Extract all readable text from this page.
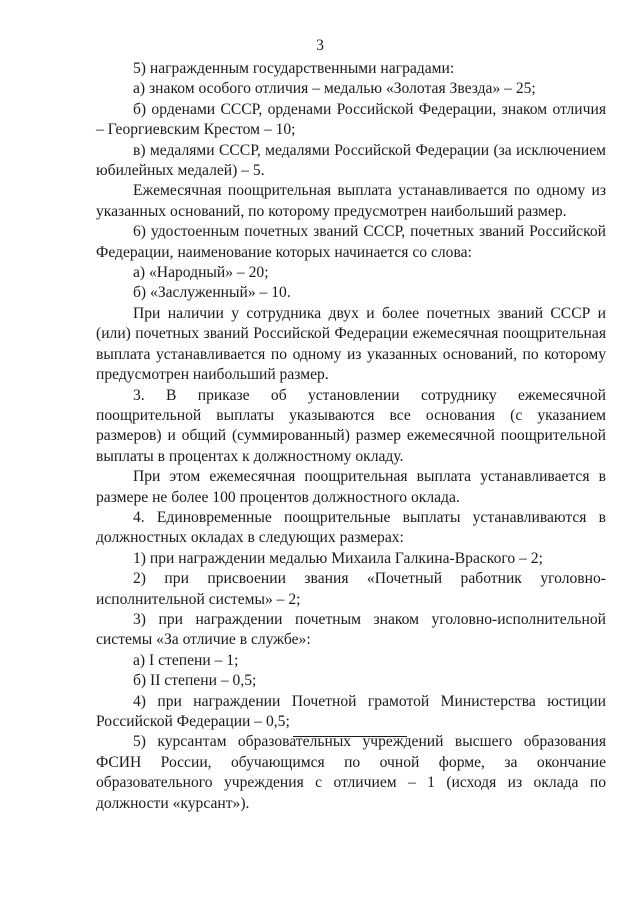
3

5) награжденным государственными наградами:

а) знаком особого отличия – медалью «Золотая Звезда» – 25;

б) орденами СССР, орденами Российской Федерации, знаком отличия – Георгиевским Крестом – 10;

в) медалями СССР, медалями Российской Федерации (за исключением юбилейных медалей) – 5.

Ежемесячная поощрительная выплата устанавливается по одному из указанных оснований, по которому предусмотрен наибольший размер.

6) удостоенным почетных званий СССР, почетных званий Российской Федерации, наименование которых начинается со слова:

а) «Народный» – 20;

б) «Заслуженный» – 10.

При наличии у сотрудника двух и более почетных званий СССР и (или) почетных званий Российской Федерации ежемесячная поощрительная выплата устанавливается по одному из указанных оснований, по которому предусмотрен наибольший размер.

3. В приказе об установлении сотруднику ежемесячной поощрительной выплаты указываются все основания (с указанием размеров) и общий (суммированный) размер ежемесячной поощрительной выплаты в процентах к должностному окладу.

При этом ежемесячная поощрительная выплата устанавливается в размере не более 100 процентов должностного оклада.

4. Единовременные поощрительные выплаты устанавливаются в должностных окладах в следующих размерах:

1) при награждении медалью Михаила Галкина-Враского – 2;

2) при присвоении звания «Почетный работник уголовно-исполнительной системы» – 2;

3) при награждении почетным знаком уголовно-исполнительной системы «За отличие в службе»:

а) I степени – 1;

б) II степени – 0,5;

4) при награждении Почетной грамотой Министерства юстиции Российской Федерации – 0,5;

5) курсантам образовательных учреждений высшего образования ФСИН России, обучающимся по очной форме, за окончание образовательного учреждения с отличием – 1 (исходя из оклада по должности «курсант»).
